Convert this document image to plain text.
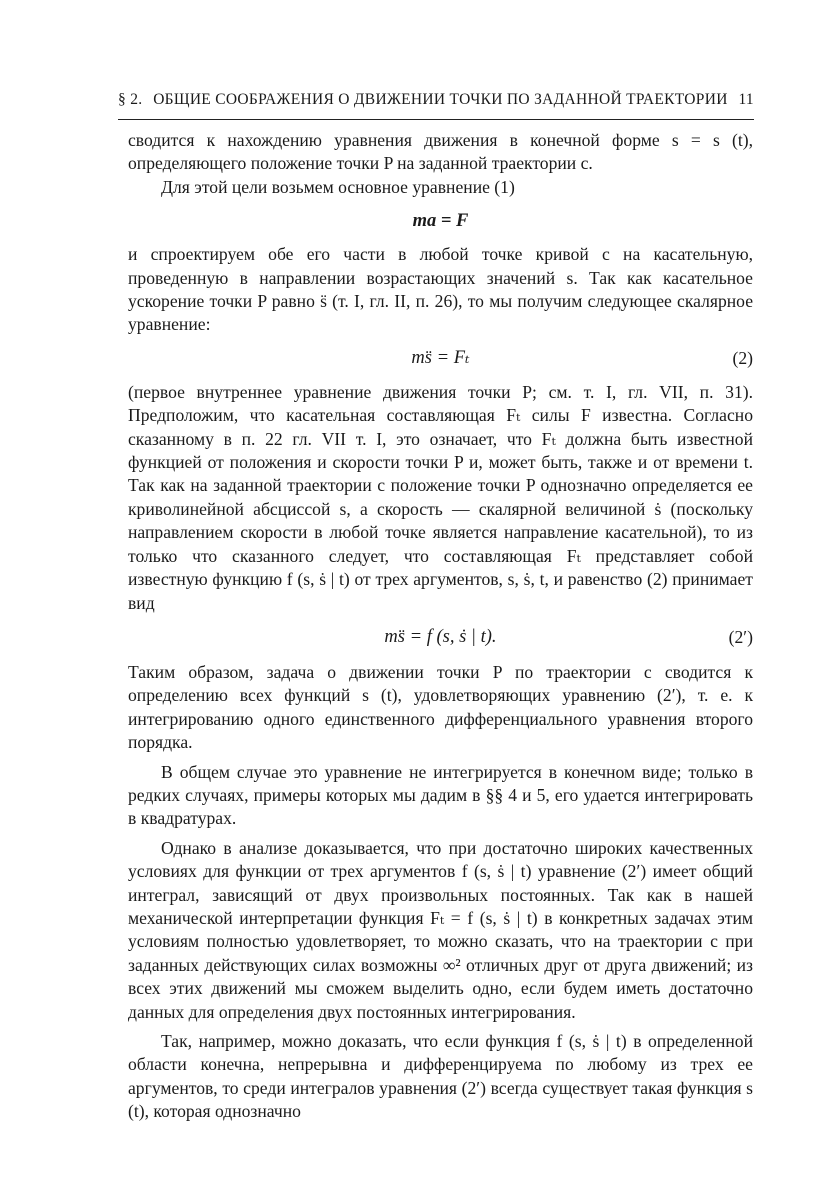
§ 2. ОБЩИЕ СООБРАЖЕНИЯ О ДВИЖЕНИИ ТОЧКИ ПО ЗАДАННОЙ ТРАЕКТОРИИ 11

сводится к нахождению уравнения движения в конечной форме s = s (t), определяющего положение точки P на заданной траектории c.

Для этой цели возьмем основное уравнение (1)

ma = F

и спроектируем обе его части в любой точке кривой c на касательную, проведенную в направлении возрастающих значений s. Так как касательное ускорение точки P равно s̈ (т. I, гл. II, п. 26), то мы получим следующее скалярное уравнение:

ms̈ = Fₜ	(2)

(первое внутреннее уравнение движения точки P; см. т. I, гл. VII, п. 31). Предположим, что касательная составляющая Fₜ силы F известна. Согласно сказанному в п. 22 гл. VII т. I, это означает, что Fₜ должна быть известной функцией от положения и скорости точки P и, может быть, также и от времени t. Так как на заданной траектории c положение точки P однозначно определяется ее криволинейной абсциссой s, а скорость — скалярной величиной ṡ (поскольку направлением скорости в любой точке является направление касательной), то из только что сказанного следует, что составляющая Fₜ представляет собой известную функцию f (s, ṡ | t) от трех аргументов, s, ṡ, t, и равенство (2) принимает вид

ms̈ = f (s, ṡ | t).	(2′)

Таким образом, задача о движении точки P по траектории c сводится к определению всех функций s (t), удовлетворяющих уравнению (2′), т. е. к интегрированию одного единственного дифференциального уравнения второго порядка.

В общем случае это уравнение не интегрируется в конечном виде; только в редких случаях, примеры которых мы дадим в §§ 4 и 5, его удается интегрировать в квадратурах.

Однако в анализе доказывается, что при достаточно широких качественных условиях для функции от трех аргументов f (s, ṡ | t) уравнение (2′) имеет общий интеграл, зависящий от двух произвольных постоянных. Так как в нашей механической интерпретации функция Fₜ = f (s, ṡ | t) в конкретных задачах этим условиям полностью удовлетворяет, то можно сказать, что на траектории c при заданных действующих силах возможны ∞² отличных друг от друга движений; из всех этих движений мы сможем выделить одно, если будем иметь достаточно данных для определения двух постоянных интегрирования.

Так, например, можно доказать, что если функция f (s, ṡ | t) в определенной области конечна, непрерывна и дифференцируема по любому из трех ее аргументов, то среди интегралов уравнения (2′) всегда существует такая функция s (t), которая однозначно
